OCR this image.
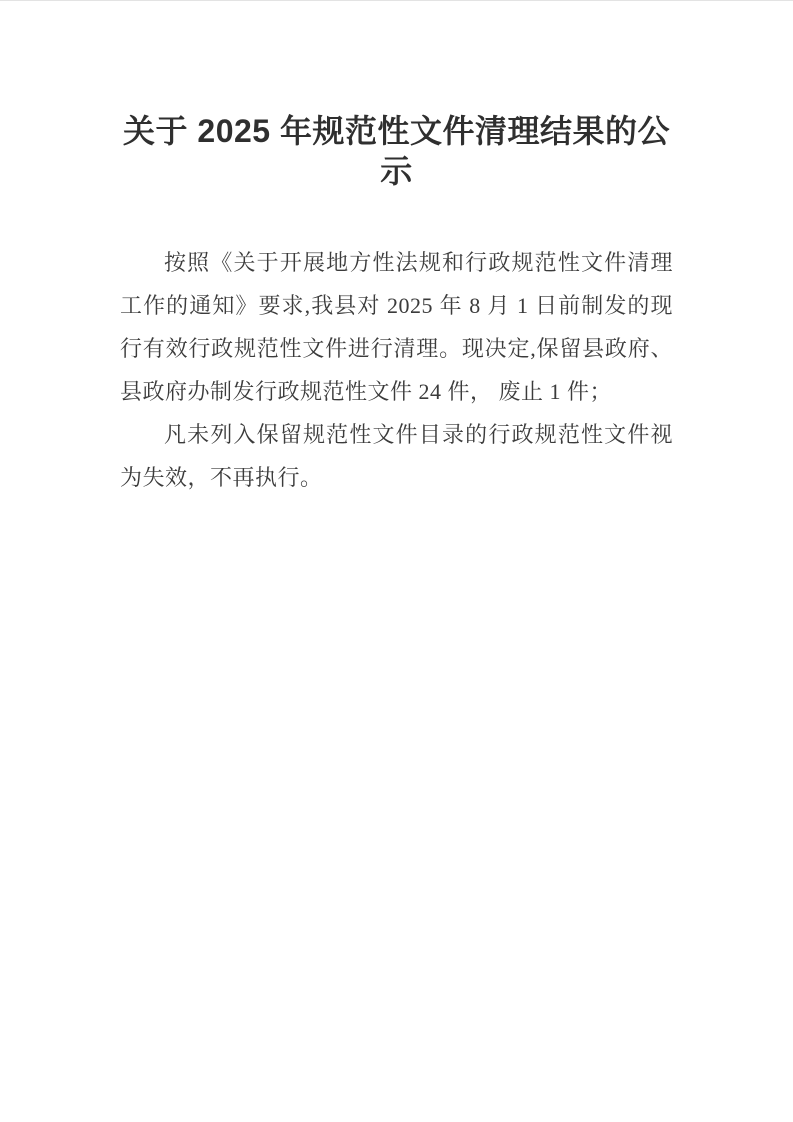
关于 2025 年规范性文件清理结果的公示

按照《关于开展地方性法规和行政规范性文件清理工作的通知》要求,我县对 2025 年 8 月 1 日前制发的现行有效行政规范性文件进行清理。现决定,保留县政府、县政府办制发行政规范性文件 24 件， 废止 1 件；

凡未列入保留规范性文件目录的行政规范性文件视为失效，不再执行。
